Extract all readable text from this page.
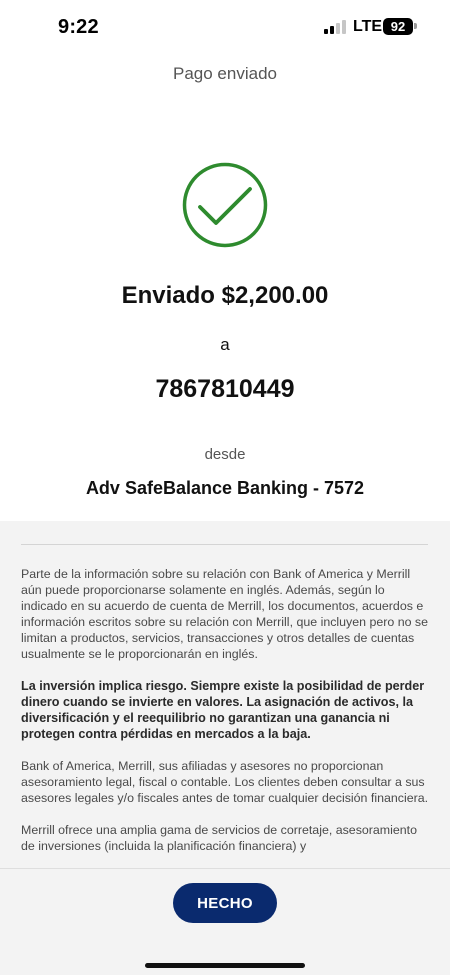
9:22	LTE 92
Pago enviado
Enviado $2,200.00
a
7867810449
desde
Adv SafeBalance Banking - 7572

Parte de la información sobre su relación con Bank of America y Merrill aún puede proporcionarse solamente en inglés. Además, según lo indicado en su acuerdo de cuenta de Merrill, los documentos, acuerdos e información escritos sobre su relación con Merrill, que incluyen pero no se limitan a productos, servicios, transacciones y otros detalles de cuentas usualmente se le proporcionarán en inglés.

La inversión implica riesgo. Siempre existe la posibilidad de perder dinero cuando se invierte en valores. La asignación de activos, la diversificación y el reequilibrio no garantizan una ganancia ni protegen contra pérdidas en mercados a la baja.

Bank of America, Merrill, sus afiliadas y asesores no proporcionan asesoramiento legal, fiscal o contable. Los clientes deben consultar a sus asesores legales y/o fiscales antes de tomar cualquier decisión financiera.

Merrill ofrece una amplia gama de servicios de corretaje, asesoramiento de inversiones (incluida la planificación financiera) y

HECHO
